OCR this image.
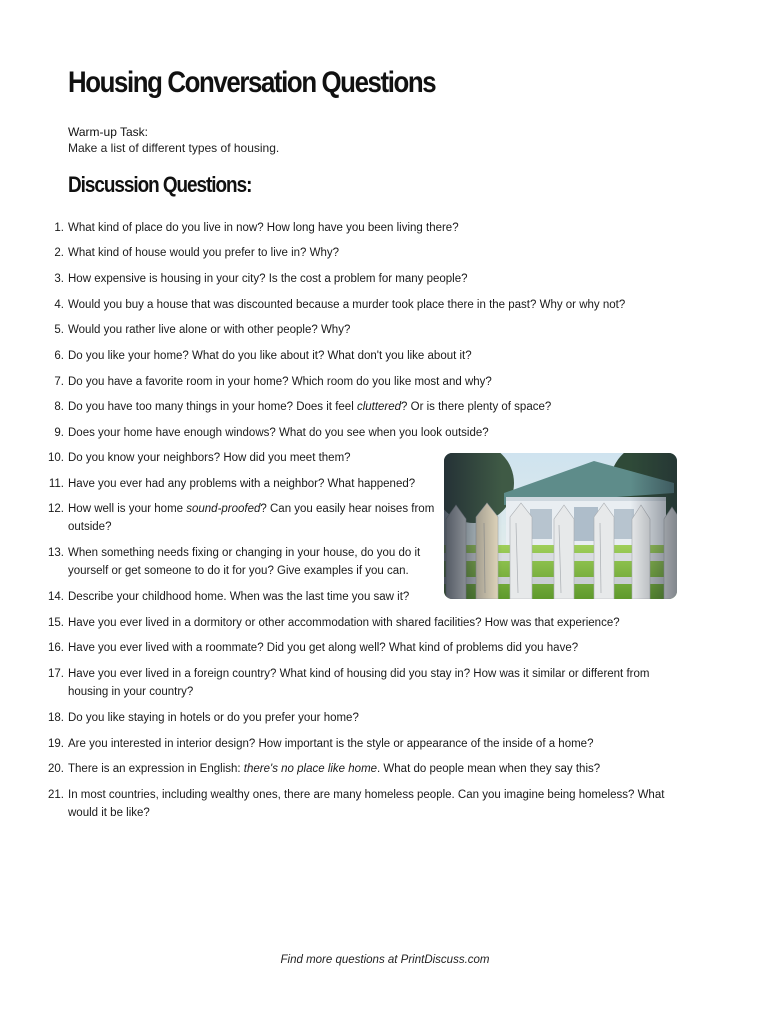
Housing Conversation Questions
Warm-up Task:
Make a list of different types of housing.
Discussion Questions:
1. What kind of place do you live in now? How long have you been living there?
2. What kind of house would you prefer to live in? Why?
3. How expensive is housing in your city? Is the cost a problem for many people?
4. Would you buy a house that was discounted because a murder took place there in the past? Why or why not?
5. Would you rather live alone or with other people? Why?
6. Do you like your home? What do you like about it? What don't you like about it?
7. Do you have a favorite room in your home? Which room do you like most and why?
8. Do you have too many things in your home? Does it feel cluttered? Or is there plenty of space?
9. Does your home have enough windows? What do you see when you look outside?
10. Do you know your neighbors? How did you meet them?
11. Have you ever had any problems with a neighbor? What happened?
12. How well is your home sound-proofed? Can you easily hear noises from outside?
13. When something needs fixing or changing in your house, do you do it yourself or get someone to do it for you? Give examples if you can.
14. Describe your childhood home. When was the last time you saw it?
15. Have you ever lived in a dormitory or other accommodation with shared facilities? How was that experience?
16. Have you ever lived with a roommate? Did you get along well? What kind of problems did you have?
17. Have you ever lived in a foreign country? What kind of housing did you stay in? How was it similar or different from housing in your country?
18. Do you like staying in hotels or do you prefer your home?
19. Are you interested in interior design? How important is the style or appearance of the inside of a home?
20. There is an expression in English: there's no place like home. What do people mean when they say this?
21. In most countries, including wealthy ones, there are many homeless people. Can you imagine being homeless? What would it be like?
Find more questions at PrintDiscuss.com
